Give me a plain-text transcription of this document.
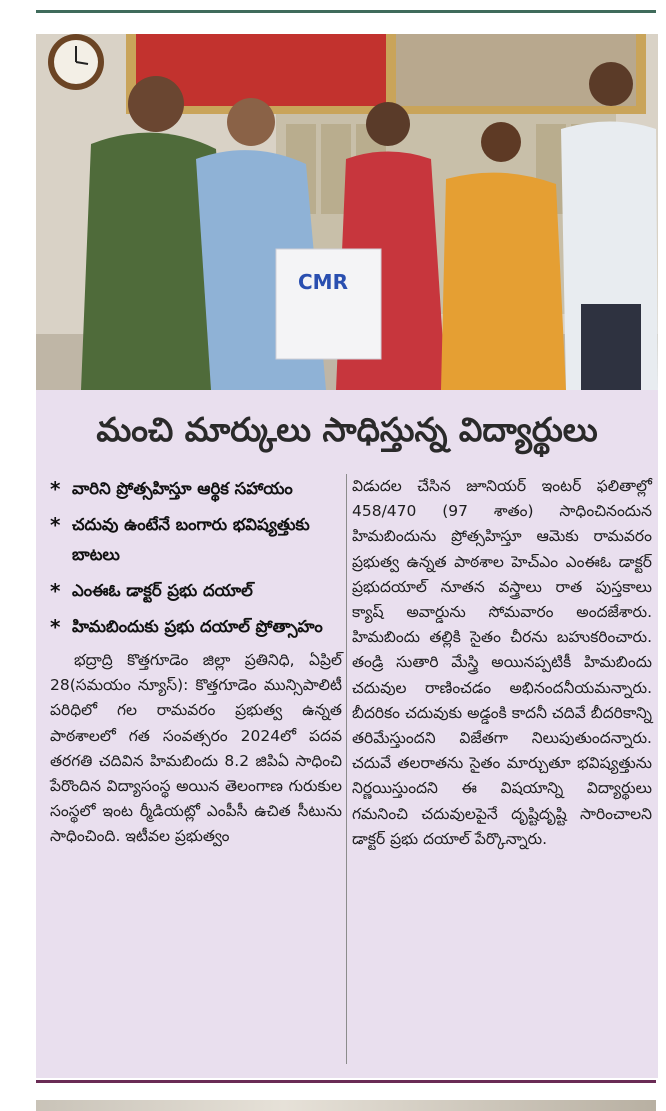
CMR
మంచి మార్కులు సాధిస్తున్న విద్యార్థులు
* వారిని ప్రోత్సహిస్తూ ఆర్థిక సహాయం
* చదువు ఉంటేనే బంగారు భవిష్యత్తుకు బాటలు
* ఎంఈఓ డాక్టర్ ప్రభు దయాల్
* హిమబిందుకు ప్రభు దయాల్ ప్రోత్సాహం

భద్రాద్రి కొత్తగూడెం జిల్లా ప్రతినిధి, ఏప్రిల్ 28(సమయం న్యూస్): కొత్తగూడెం మున్సిపాలిటీ పరిధిలో గల రామవరం ప్రభుత్వ ఉన్నత పాఠశాలలో గత సంవత్సరం 2024లో పదవ తరగతి చదివిన హిమబిందు 8.2 జిపిఏ సాధించి పేరొందిన విద్యాసంస్థ అయిన తెలంగాణ గురుకుల సంస్థలో ఇంట ర్మీడియట్లో ఎంపీసీ ఉచిత సీటును సాధించింది. ఇటీవల ప్రభుత్వం

విడుదల చేసిన జూనియర్ ఇంటర్ ఫలితాల్లో 458/470 (97 శాతం) సాధించినందున హిమబిందును ప్రోత్సహిస్తూ ఆమెకు రామవరం ప్రభుత్వ ఉన్నత పాఠశాల హెచ్ఎం ఎంఈఓ డాక్టర్ ప్రభుదయాల్ నూతన వస్త్రాలు రాత పుస్తకాలు క్యాష్ అవార్డును సోమవారం అందజేశారు. హిమబిందు తల్లికి సైతం చీరను బహుకరించారు. తండ్రి సుతారి మేస్త్రి అయినప్పటికీ హిమబిందు చదువుల రాణించడం అభినందనీయమన్నారు. బీదరికం చదువుకు అడ్డంకి కాదనీ చదివే బీదరికాన్ని తరిమేస్తుందని విజేతగా నిలుపుతుందన్నారు. చదువే తలరాతను సైతం మార్చుతూ భవిష్యత్తును నిర్ణయిస్తుందని ఈ విషయాన్ని విద్యార్థులు గమనించి చదువులపైనే దృష్టిదృష్టి సారించాలని డాక్టర్ ప్రభు దయాల్ పేర్కొన్నారు.
